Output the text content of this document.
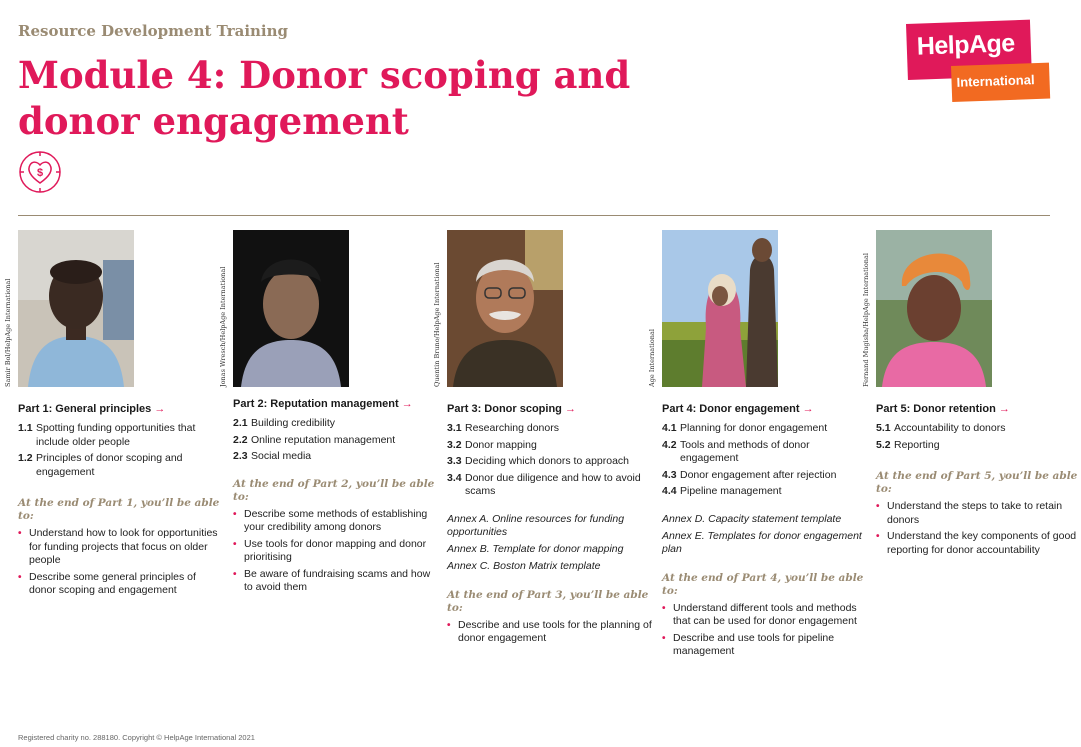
Resource Development Training
Module 4: Donor scoping and
donor engagement
$
HelpAge
International
Samir Bol/HelpAge International
Part 1: General principles →
1.1 Spotting funding opportunities that include older people
1.2 Principles of donor scoping and engagement
At the end of Part 1, you’ll be able to:
• Understand how to look for opportunities for funding projects that focus on older people
• Describe some general principles of donor scoping and engagement
Jonas Wresch/HelpAge International
Part 2: Reputation management →
2.1 Building credibility
2.2 Online reputation management
2.3 Social media
At the end of Part 2, you’ll be able to:
• Describe some methods of establishing your credibility among donors
• Use tools for donor mapping and donor prioritising
• Be aware of fundraising scams and how to avoid them
Quentin Bruno/HelpAge International
Part 3: Donor scoping →
3.1 Researching donors
3.2 Donor mapping
3.3 Deciding which donors to approach
3.4 Donor due diligence and how to avoid scams
Annex A. Online resources for funding opportunities
Annex B. Template for donor mapping
Annex C. Boston Matrix template
At the end of Part 3, you’ll be able to:
• Describe and use tools for the planning of donor engagement
Age International
Part 4: Donor engagement →
4.1 Planning for donor engagement
4.2 Tools and methods of donor engagement
4.3 Donor engagement after rejection
4.4 Pipeline management
Annex D. Capacity statement template
Annex E. Templates for donor engagement plan
At the end of Part 4, you’ll be able to:
• Understand different tools and methods that can be used for donor engagement
• Describe and use tools for pipeline management
Fernand Mugisha/HelpAge International
Part 5: Donor retention →
5.1 Accountability to donors
5.2 Reporting
At the end of Part 5, you’ll be able to:
• Understand the steps to take to retain donors
• Understand the key components of good reporting for donor accountability
Registered charity no. 288180. Copyright © HelpAge International 2021
